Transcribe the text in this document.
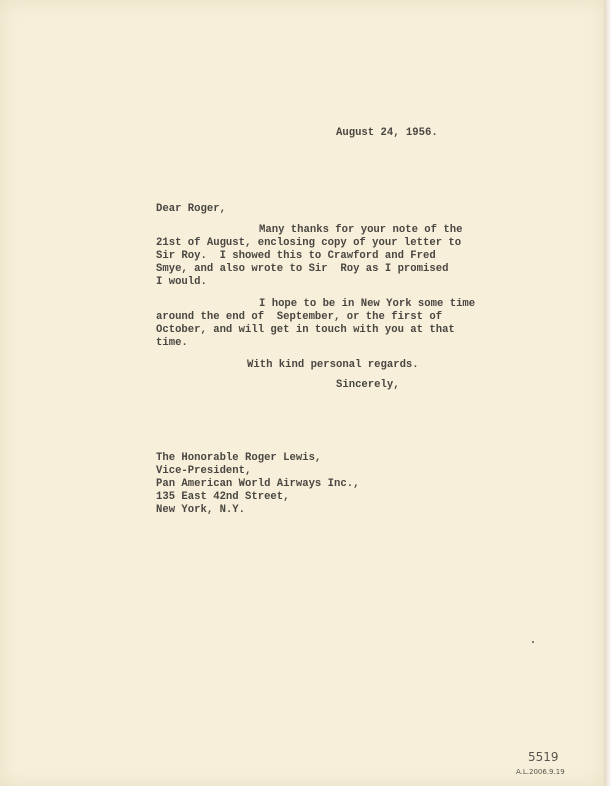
August 24, 1956.
Dear Roger,
Many thanks for your note of the
21st of August, enclosing copy of your letter to
Sir Roy.  I showed this to Crawford and Fred
Smye, and also wrote to Sir  Roy as I promised
I would.
I hope to be in New York some time
around the end of  September, or the first of
October, and will get in touch with you at that
time.
With kind personal regards.
Sincerely,
The Honorable Roger Lewis,
Vice-President,
Pan American World Airways Inc.,
135 East 42nd Street,
New York, N.Y.
5519
A.L.2006.9.19
